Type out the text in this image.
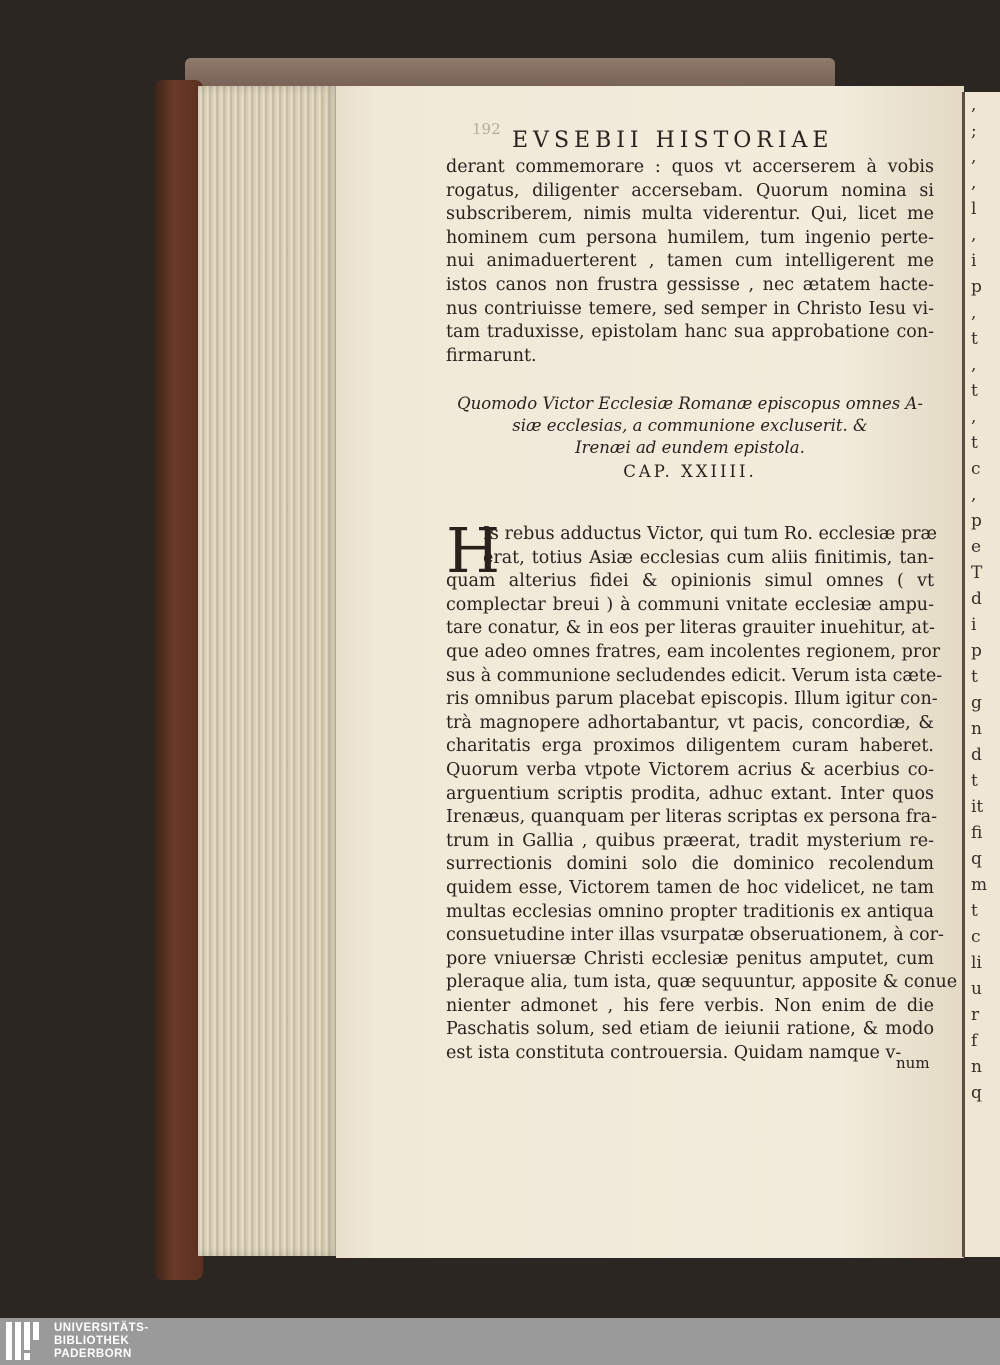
,
;
,
,
l
,
i
p
,
t
,
t
,
t
c
,
p
e
T
d
i
p
t
g
n
d
t
it
fi
q
m
t
c
li
u
r
f
n
q
192 EVSEBII HISTORIAE
derant commemorare : quos vt accerserem à vobis
rogatus, diligenter accersebam. Quorum nomina si
subscriberem, nimis multa viderentur. Qui, licet me
hominem cum persona humilem, tum ingenio perte-
nui animaduerterent , tamen cum intelligerent me
istos canos non frustra gessisse , nec ætatem hacte-
nus contriuisse temere, sed semper in Christo Iesu vi-
tam traduxisse, epistolam hanc sua approbatione con-
firmarunt.
Quomodo Victor Ecclesiæ Romanæ episcopus omnes A-
siæ ecclesias, a communione excluserit. &
Irenæi ad eundem epistola.
CAP. XXIIII.
H
Is rebus adductus Victor, qui tum Ro. ecclesiæ præ
erat, totius Asiæ ecclesias cum aliis finitimis, tan-
quam alterius fidei & opinionis simul omnes ( vt
complectar breui ) à communi vnitate ecclesiæ ampu-
tare conatur, & in eos per literas grauiter inuehitur, at-
que adeo omnes fratres, eam incolentes regionem, pror
sus à communione secludendes edicit. Verum ista cæte-
ris omnibus parum placebat episcopis. Illum igitur con-
trà magnopere adhortabantur, vt pacis, concordiæ, &
charitatis erga proximos diligentem curam haberet.
Quorum verba vtpote Victorem acrius & acerbius co-
arguentium scriptis prodita, adhuc extant. Inter quos
Irenæus, quanquam per literas scriptas ex persona fra-
trum in Gallia , quibus præerat, tradit mysterium re-
surrectionis domini solo die dominico recolendum
quidem esse, Victorem tamen de hoc videlicet, ne tam
multas ecclesias omnino propter traditionis ex antiqua
consuetudine inter illas vsurpatæ obseruationem, à cor-
pore vniuersæ Christi ecclesiæ penitus amputet, cum
pleraque alia, tum ista, quæ sequuntur, apposite & conue
nienter admonet , his fere verbis. Non enim de die
Paschatis solum, sed etiam de ieiunii ratione, & modo
est ista constituta controuersia. Quidam namque v-
num
UNIVERSITÄTS-
BIBLIOTHEK
PADERBORN
